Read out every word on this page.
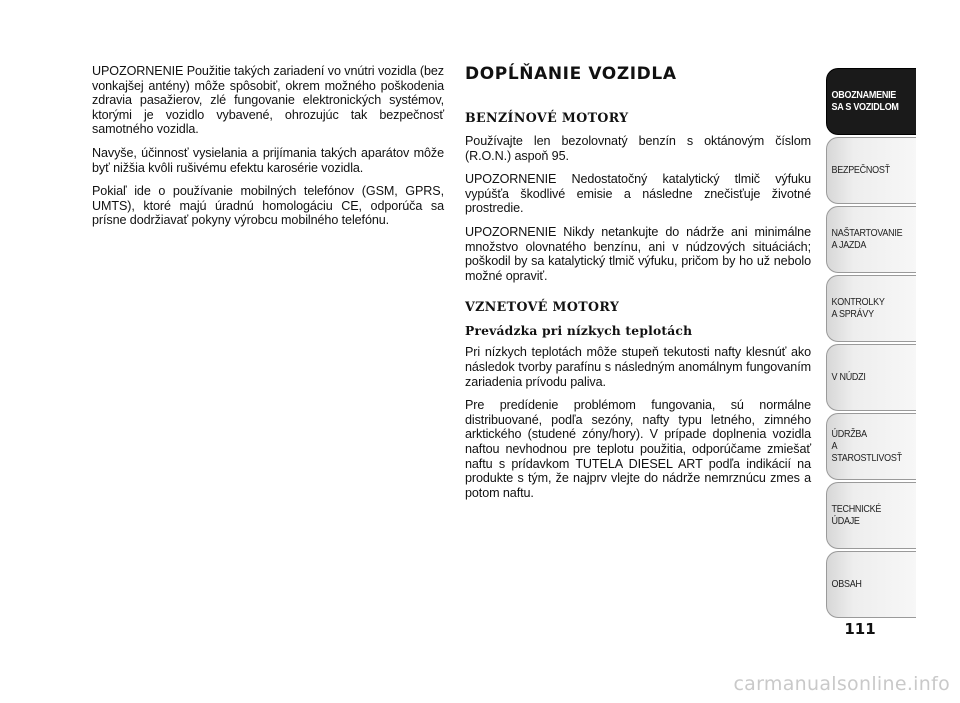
UPOZORNENIE Použitie takých zariadení vo vnútri vozidla (bez vonkajšej antény) môže spôsobiť, okrem možného poškodenia zdravia pasažierov, zlé fungovanie elektronických systémov, ktorými je vozidlo vybavené, ohrozujúc tak bezpečnosť samotného vozidla.

Navyše, účinnosť vysielania a prijímania takých aparátov môže byť nižšia kvôli rušivému efektu karosérie vozidla.

Pokiaľ ide o používanie mobilných telefónov (GSM, GPRS, UMTS), ktoré majú úradnú homologáciu CE, odporúča sa prísne dodržiavať pokyny výrobcu mobilného telefónu.

DOPĹŇANIE VOZIDLA
BENZÍNOVÉ MOTORY

Používajte len bezolovnatý benzín s oktánovým číslom (R.O.N.) aspoň 95.

UPOZORNENIE Nedostatočný katalytický tlmič výfuku vypúšťa škodlivé emisie a následne znečisťuje životné prostredie.

UPOZORNENIE Nikdy netankujte do nádrže ani minimálne množstvo olovnatého benzínu, ani v núdzových situáciách; poškodil by sa katalytický tlmič výfuku, pričom by ho už nebolo možné opraviť.

VZNETOVÉ MOTORY
Prevádzka pri nízkych teplotách

Pri nízkych teplotách môže stupeň tekutosti nafty klesnúť ako následok tvorby parafínu s následným anomálnym fungovaním zariadenia prívodu paliva.

Pre predídenie problémom fungovania, sú normálne distribuované, podľa sezóny, nafty typu letného, zimného arktického (studené zóny/hory). V prípade doplnenia vozidla naftou nevhodnou pre teplotu použitia, odporúčame zmiešať naftu s prídavkom TUTELA DIESEL ART podľa indikácií na produkte s tým, že najprv vlejte do nádrže nemrznúcu zmes a potom naftu.

OBOZNAMENIE
SA S VOZIDLOM
BEZPEČNOSŤ
NAŠTARTOVANIE
A JAZDA
KONTROLKY
A SPRÁVY
V NÚDZI
ÚDRŽBA
A STAROSTLIVOSŤ
TECHNICKÉ
ÚDAJE
OBSAH
111
carmanualsonline.info
